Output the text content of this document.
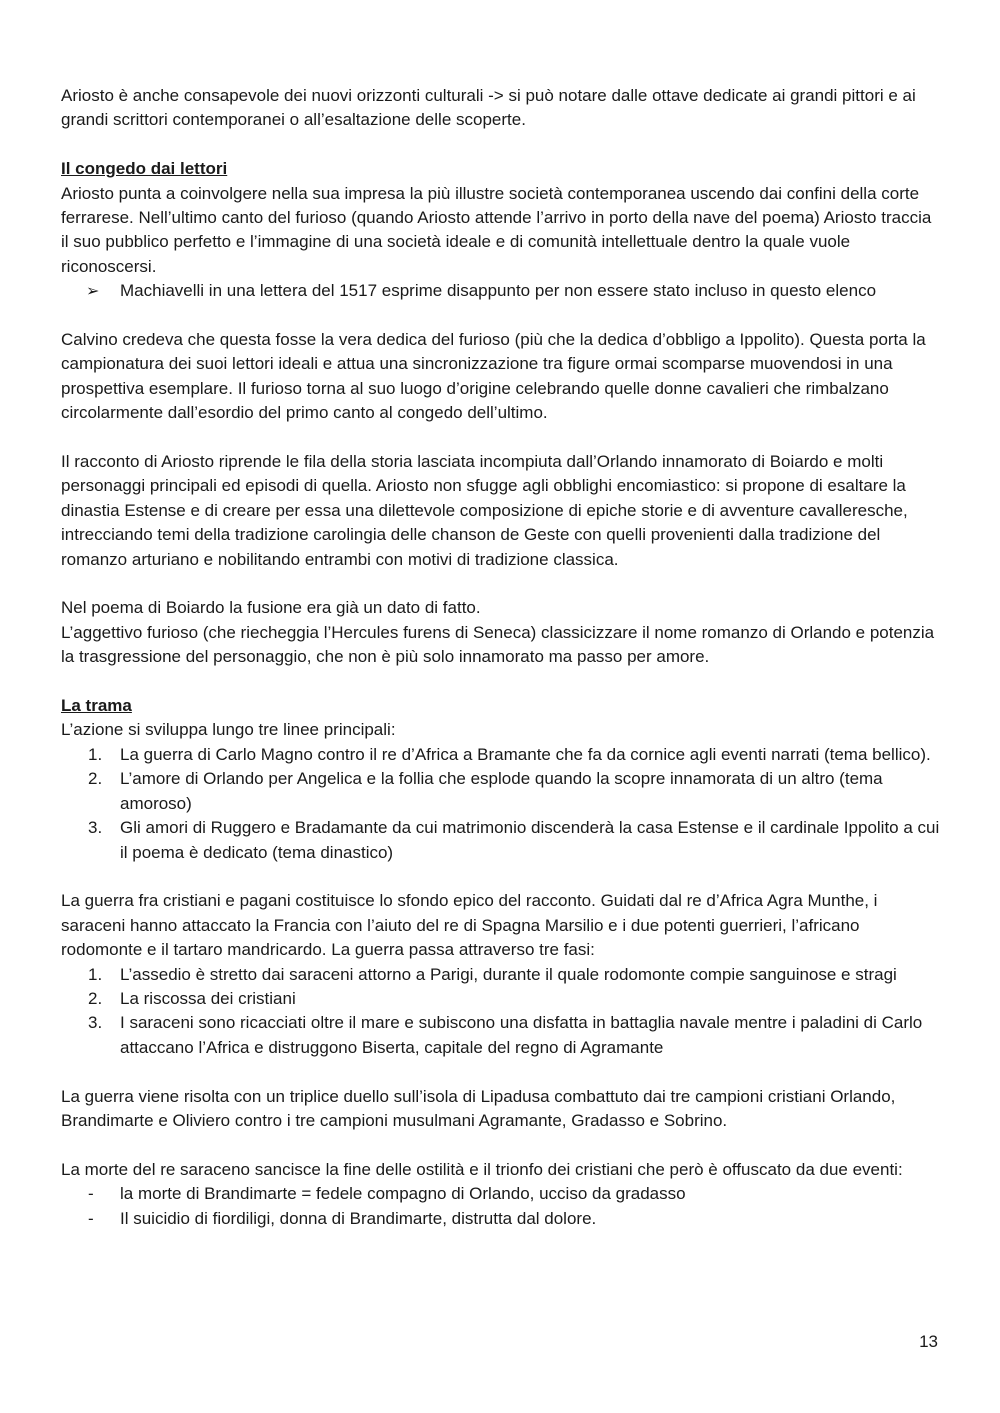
Ariosto è anche consapevole dei nuovi orizzonti culturali -> si può notare dalle ottave dedicate ai grandi pittori e ai grandi scrittori contemporanei o all’esaltazione delle scoperte.

Il congedo dai lettori

Ariosto punta a coinvolgere nella sua impresa la più illustre società contemporanea uscendo dai confini della corte ferrarese. Nell’ultimo canto del furioso (quando Ariosto attende l’arrivo in porto della nave del poema) Ariosto traccia il suo pubblico perfetto e l’immagine di una società ideale e di comunità intellettuale dentro la quale vuole riconoscersi.

➢	Machiavelli in una lettera del 1517 esprime disappunto per non essere stato incluso in questo elenco

Calvino credeva che questa fosse la vera dedica del furioso (più che la dedica d’obbligo a Ippolito). Questa porta la campionatura dei suoi lettori ideali e attua una sincronizzazione tra figure ormai scomparse muovendosi in una prospettiva esemplare. Il furioso torna al suo luogo d’origine celebrando quelle donne cavalieri che rimbalzano circolarmente dall’esordio del primo canto al congedo dell’ultimo.

Il racconto di Ariosto riprende le fila della storia lasciata incompiuta dall’Orlando innamorato di Boiardo e molti personaggi principali ed episodi di quella. Ariosto non sfugge agli obblighi encomiastico: si propone di esaltare la dinastia Estense e di creare per essa una dilettevole composizione di epiche storie e di avventure cavalleresche, intrecciando temi della tradizione carolingia delle chanson de Geste con quelli provenienti dalla tradizione del romanzo arturiano e nobilitando entrambi con motivi di tradizione classica.

Nel poema di Boiardo la fusione era già un dato di fatto.

L’aggettivo furioso (che riecheggia l’Hercules furens di Seneca) classicizzare il nome romanzo di Orlando e potenzia la trasgressione del personaggio, che non è più solo innamorato ma passo per amore.

La trama

L’azione si sviluppa lungo tre linee principali:

1.	La guerra di Carlo Magno contro il re d’Africa a Bramante che fa da cornice agli eventi narrati (tema bellico).
2.	L’amore di Orlando per Angelica e la follia che esplode quando la scopre innamorata di un altro (tema amoroso)
3.	Gli amori di Ruggero e Bradamante da cui matrimonio discenderà la casa Estense e il cardinale Ippolito a cui il poema è dedicato (tema dinastico)

La guerra fra cristiani e pagani costituisce lo sfondo epico del racconto. Guidati dal re d’Africa Agra Munthe, i saraceni hanno attaccato la Francia con l’aiuto del re di Spagna Marsilio e i due potenti guerrieri, l’africano rodomonte e il tartaro mandricardo. La guerra passa attraverso tre fasi:

1.	L’assedio è stretto dai saraceni attorno a Parigi, durante il quale rodomonte compie sanguinose e stragi
2.	La riscossa dei cristiani
3.	I saraceni sono ricacciati oltre il mare e subiscono una disfatta in battaglia navale mentre i paladini di Carlo attaccano l’Africa e distruggono Biserta, capitale del regno di Agramante

La guerra viene risolta con un triplice duello sull’isola di Lipadusa combattuto dai tre campioni cristiani Orlando, Brandimarte e Oliviero contro i tre campioni musulmani Agramante, Gradasso e Sobrino.

La morte del re saraceno sancisce la fine delle ostilità e il trionfo dei cristiani che però è offuscato da due eventi:

-	la morte di Brandimarte = fedele compagno di Orlando, ucciso da gradasso
-	Il suicidio di fiordiligi, donna di Brandimarte, distrutta dal dolore.
13
